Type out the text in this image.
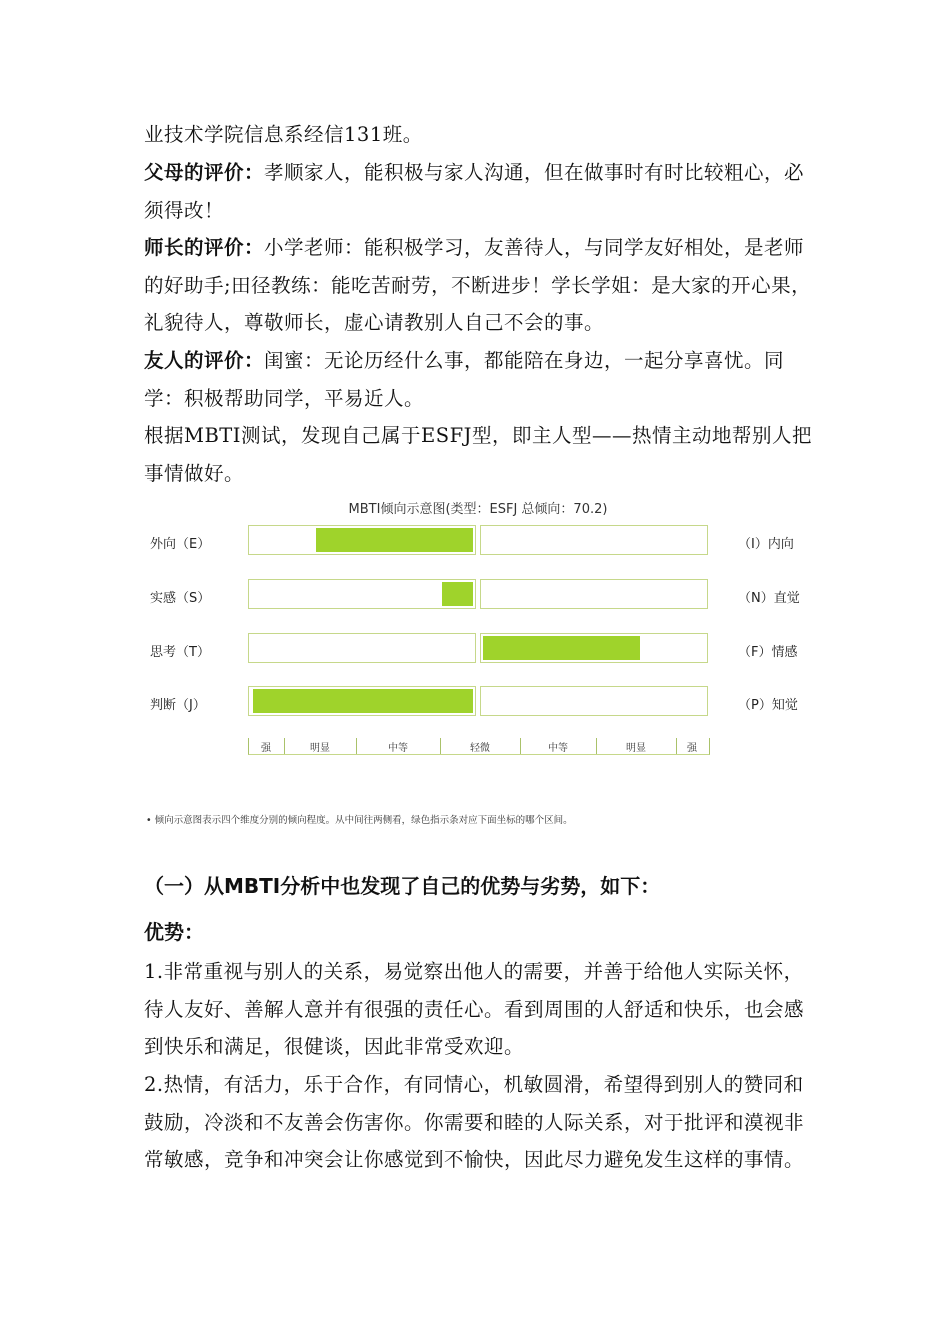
业技术学院信息系经信131班。
父母的评价：孝顺家人，能积极与家人沟通，但在做事时有时比较粗心，必须得改！
师长的评价：小学老师：能积极学习，友善待人，与同学友好相处，是老师的好助手;田径教练：能吃苦耐劳，不断进步！学长学姐：是大家的开心果，礼貌待人，尊敬师长，虚心请教别人自己不会的事。
友人的评价：闺蜜：无论历经什么事，都能陪在身边，一起分享喜忧。同学：积极帮助同学，平易近人。
根据MBTI测试，发现自己属于ESFJ型，即主人型——热情主动地帮别人把事情做好。
MBTI倾向示意图(类型：ESFJ 总倾向：70.2)
外向（E）	（I）内向
实感（S）	（N）直觉
思考（T）	（F）情感
判断（J）	（P）知觉
强	明显	中等	轻微	中等	明显	强
• 倾向示意图表示四个维度分别的倾向程度。从中间往两侧看，绿色指示条对应下面坐标的哪个区间。
（一）从MBTI分析中也发现了自己的优势与劣势，如下：
优势：
1.非常重视与别人的关系，易觉察出他人的需要，并善于给他人实际关怀，待人友好、善解人意并有很强的责任心。看到周围的人舒适和快乐，也会感到快乐和满足，很健谈，因此非常受欢迎。
2.热情，有活力，乐于合作，有同情心，机敏圆滑，希望得到别人的赞同和鼓励，冷淡和不友善会伤害你。你需要和睦的人际关系，对于批评和漠视非常敏感，竞争和冲突会让你感觉到不愉快，因此尽力避免发生这样的事情。
